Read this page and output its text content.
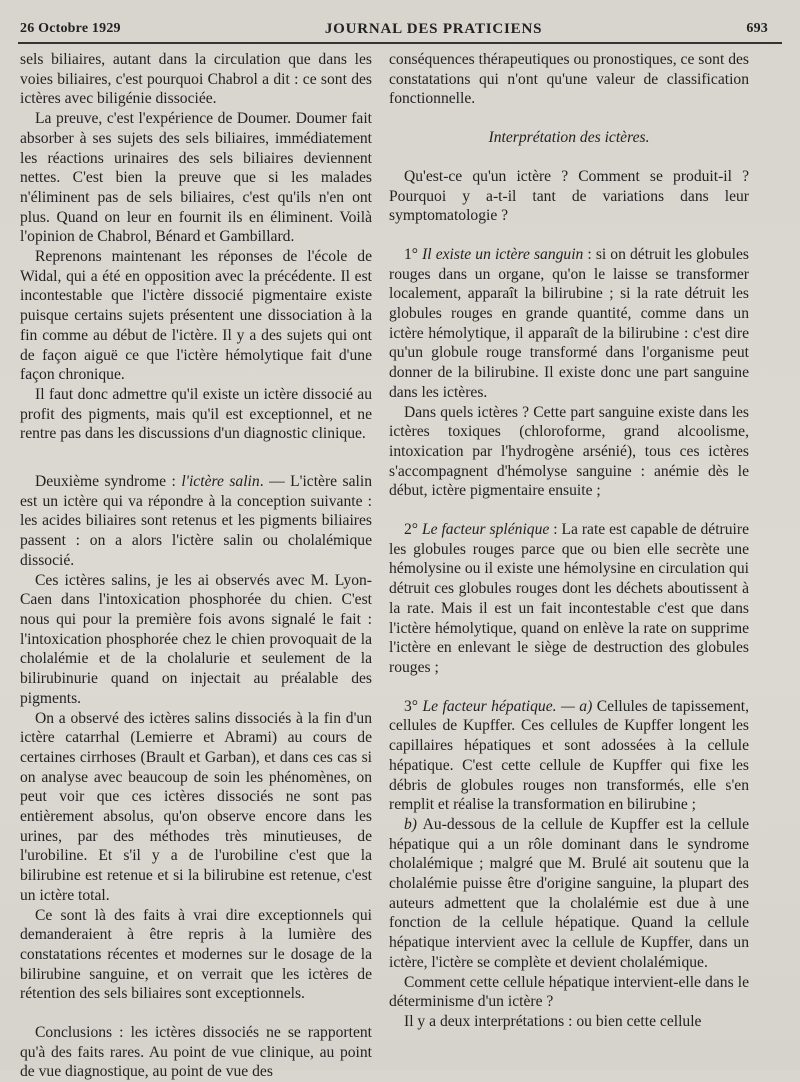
26 Octobre 1929	JOURNAL DES PRATICIENS	693

sels biliaires, autant dans la circulation que dans les voies biliaires, c'est pourquoi Chabrol a dit : ce sont des ictères avec biligénie dissociée.

La preuve, c'est l'expérience de Doumer. Doumer fait absorber à ses sujets des sels biliaires, immédiatement les réactions urinaires des sels biliaires deviennent nettes. C'est bien la preuve que si les malades n'éliminent pas de sels biliaires, c'est qu'ils n'en ont plus. Quand on leur en fournit ils en éliminent. Voilà l'opinion de Chabrol, Bénard et Gambillard.

Reprenons maintenant les réponses de l'école de Widal, qui a été en opposition avec la précédente. Il est incontestable que l'ictère dissocié pigmentaire existe puisque certains sujets présentent une dissociation à la fin comme au début de l'ictère. Il y a des sujets qui ont de façon aiguë ce que l'ictère hémolytique fait d'une façon chronique.

Il faut donc admettre qu'il existe un ictère dissocié au profit des pigments, mais qu'il est exceptionnel, et ne rentre pas dans les discussions d'un diagnostic clinique.

Deuxième syndrome : l'ictère salin. — L'ictère salin est un ictère qui va répondre à la conception suivante : les acides biliaires sont retenus et les pigments biliaires passent : on a alors l'ictère salin ou cholalémique dissocié.

Ces ictères salins, je les ai observés avec M. Lyon-Caen dans l'intoxication phosphorée du chien. C'est nous qui pour la première fois avons signalé le fait : l'intoxication phosphorée chez le chien provoquait de la cholalémie et de la cholalurie et seulement de la bilirubinurie quand on injectait au préalable des pigments.

On a observé des ictères salins dissociés à la fin d'un ictère catarrhal (Lemierre et Abrami) au cours de certaines cirrhoses (Brault et Garban), et dans ces cas si on analyse avec beaucoup de soin les phénomènes, on peut voir que ces ictères dissociés ne sont pas entièrement absolus, qu'on observe encore dans les urines, par des méthodes très minutieuses, de l'urobiline. Et s'il y a de l'urobiline c'est que la bilirubine est retenue et si la bilirubine est retenue, c'est un ictère total.

Ce sont là des faits à vrai dire exceptionnels qui demanderaient à être repris à la lumière des constatations récentes et modernes sur le dosage de la bilirubine sanguine, et on verrait que les ictères de rétention des sels biliaires sont exceptionnels.

Conclusions : les ictères dissociés ne se rapportent qu'à des faits rares. Au point de vue clinique, au point de vue diagnostique, au point de vue des

conséquences thérapeutiques ou pronostiques, ce sont des constatations qui n'ont qu'une valeur de classification fonctionnelle.

Interprétation des ictères.

Qu'est-ce qu'un ictère ? Comment se produit-il ? Pourquoi y a-t-il tant de variations dans leur symptomatologie ?

1° Il existe un ictère sanguin : si on détruit les globules rouges dans un organe, qu'on le laisse se transformer localement, apparaît la bilirubine ; si la rate détruit les globules rouges en grande quantité, comme dans un ictère hémolytique, il apparaît de la bilirubine : c'est dire qu'un globule rouge transformé dans l'organisme peut donner de la bilirubine. Il existe donc une part sanguine dans les ictères.

Dans quels ictères ? Cette part sanguine existe dans les ictères toxiques (chloroforme, grand alcoolisme, intoxication par l'hydrogène arsénié), tous ces ictères s'accompagnent d'hémolyse sanguine : anémie dès le début, ictère pigmentaire ensuite ;

2° Le facteur splénique : La rate est capable de détruire les globules rouges parce que ou bien elle secrète une hémolysine ou il existe une hémolysine en circulation qui détruit ces globules rouges dont les déchets aboutissent à la rate. Mais il est un fait incontestable c'est que dans l'ictère hémolytique, quand on enlève la rate on supprime l'ictère en enlevant le siège de destruction des globules rouges ;

3° Le facteur hépatique. — a) Cellules de tapissement, cellules de Kupffer. Ces cellules de Kupffer longent les capillaires hépatiques et sont adossées à la cellule hépatique. C'est cette cellule de Kupffer qui fixe les débris de globules rouges non transformés, elle s'en remplit et réalise la transformation en bilirubine ;

b) Au-dessous de la cellule de Kupffer est la cellule hépatique qui a un rôle dominant dans le syndrome cholalémique ; malgré que M. Brulé ait soutenu que la cholalémie puisse être d'origine sanguine, la plupart des auteurs admettent que la cholalémie est due à une fonction de la cellule hépatique. Quand la cellule hépatique intervient avec la cellule de Kupffer, dans un ictère, l'ictère se complète et devient cholalémique.

Comment cette cellule hépatique intervient-elle dans le déterminisme d'un ictère ?

Il y a deux interprétations : ou bien cette cellule
